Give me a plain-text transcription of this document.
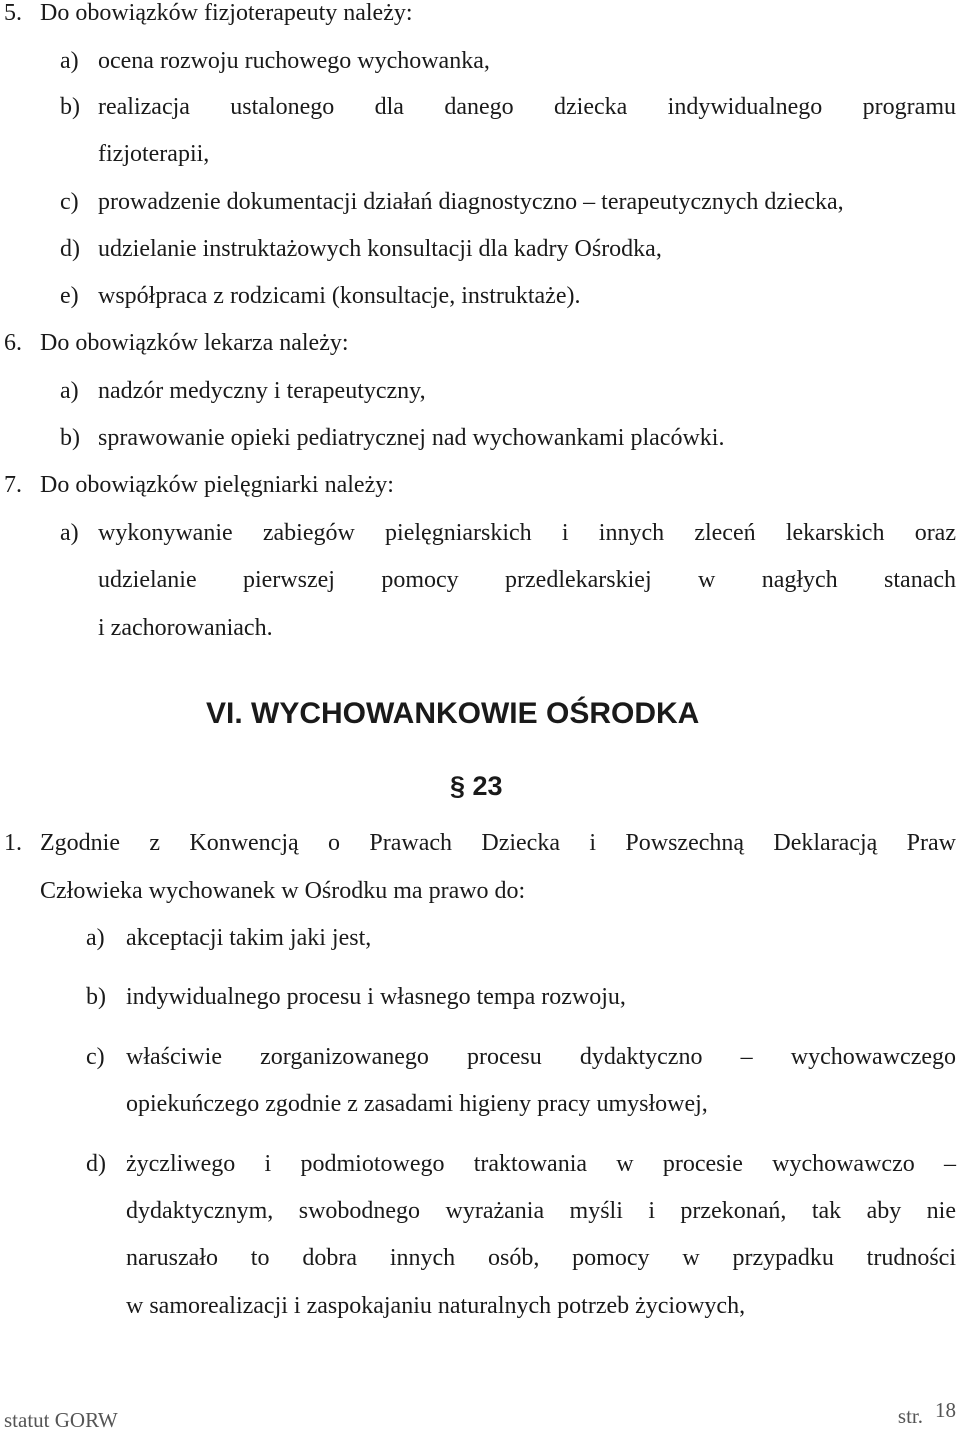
5. Do obowiązków fizjoterapeuty należy:
a) ocena rozwoju ruchowego wychowanka,
b) realizacja ustalonego dla danego dziecka indywidualnego programu
fizjoterapii,
c) prowadzenie dokumentacji działań diagnostyczno – terapeutycznych dziecka,
d) udzielanie instruktażowych konsultacji dla kadry Ośrodka,
e) współpraca z rodzicami (konsultacje, instruktaże).
6. Do obowiązków lekarza należy:
a) nadzór medyczny i terapeutyczny,
b) sprawowanie opieki pediatrycznej nad wychowankami placówki.
7. Do obowiązków pielęgniarki należy:
a) wykonywanie zabiegów pielęgniarskich i innych zleceń lekarskich oraz
udzielanie pierwszej pomocy przedlekarskiej w nagłych stanach
i zachorowaniach.
VI. WYCHOWANKOWIE OŚRODKA
§ 23
1. Zgodnie z Konwencją o Prawach Dziecka i Powszechną Deklaracją Praw
Człowieka wychowanek w Ośrodku ma prawo do:
a) akceptacji takim jaki jest,
b) indywidualnego procesu i własnego tempa rozwoju,
c) właściwie zorganizowanego procesu dydaktyczno – wychowawczego
opiekuńczego zgodnie z zasadami higieny pracy umysłowej,
d) życzliwego i podmiotowego traktowania w procesie wychowawczo –
dydaktycznym, swobodnego wyrażania myśli i przekonań, tak aby nie
naruszało to dobra innych osób, pomocy w przypadku trudności
w samorealizacji i zaspokajaniu naturalnych potrzeb życiowych,
statut GORW	str. 18
